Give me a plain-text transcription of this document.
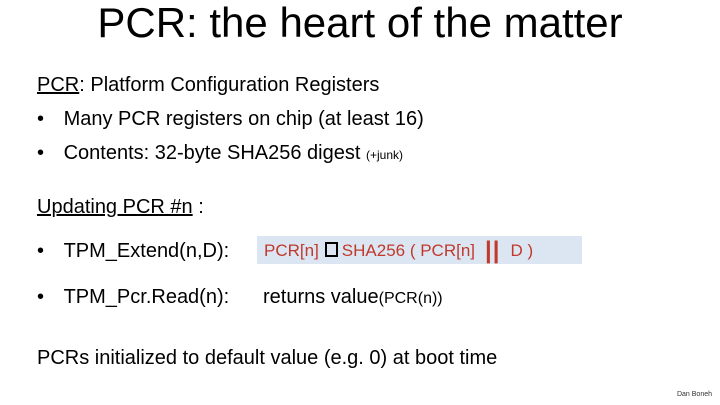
PCR: the heart of the matter
PCR: Platform Configuration Registers
• Many PCR registers on chip (at least 16)
• Contents: 32-byte SHA256 digest (+junk)
Updating PCR #n :
• TPM_Extend(n,D): PCR[n] SHA256 ( PCR[n] || D )
• TPM_Pcr.Read(n): returns value(PCR(n))
PCRs initialized to default value (e.g. 0) at boot time
Dan Boneh
